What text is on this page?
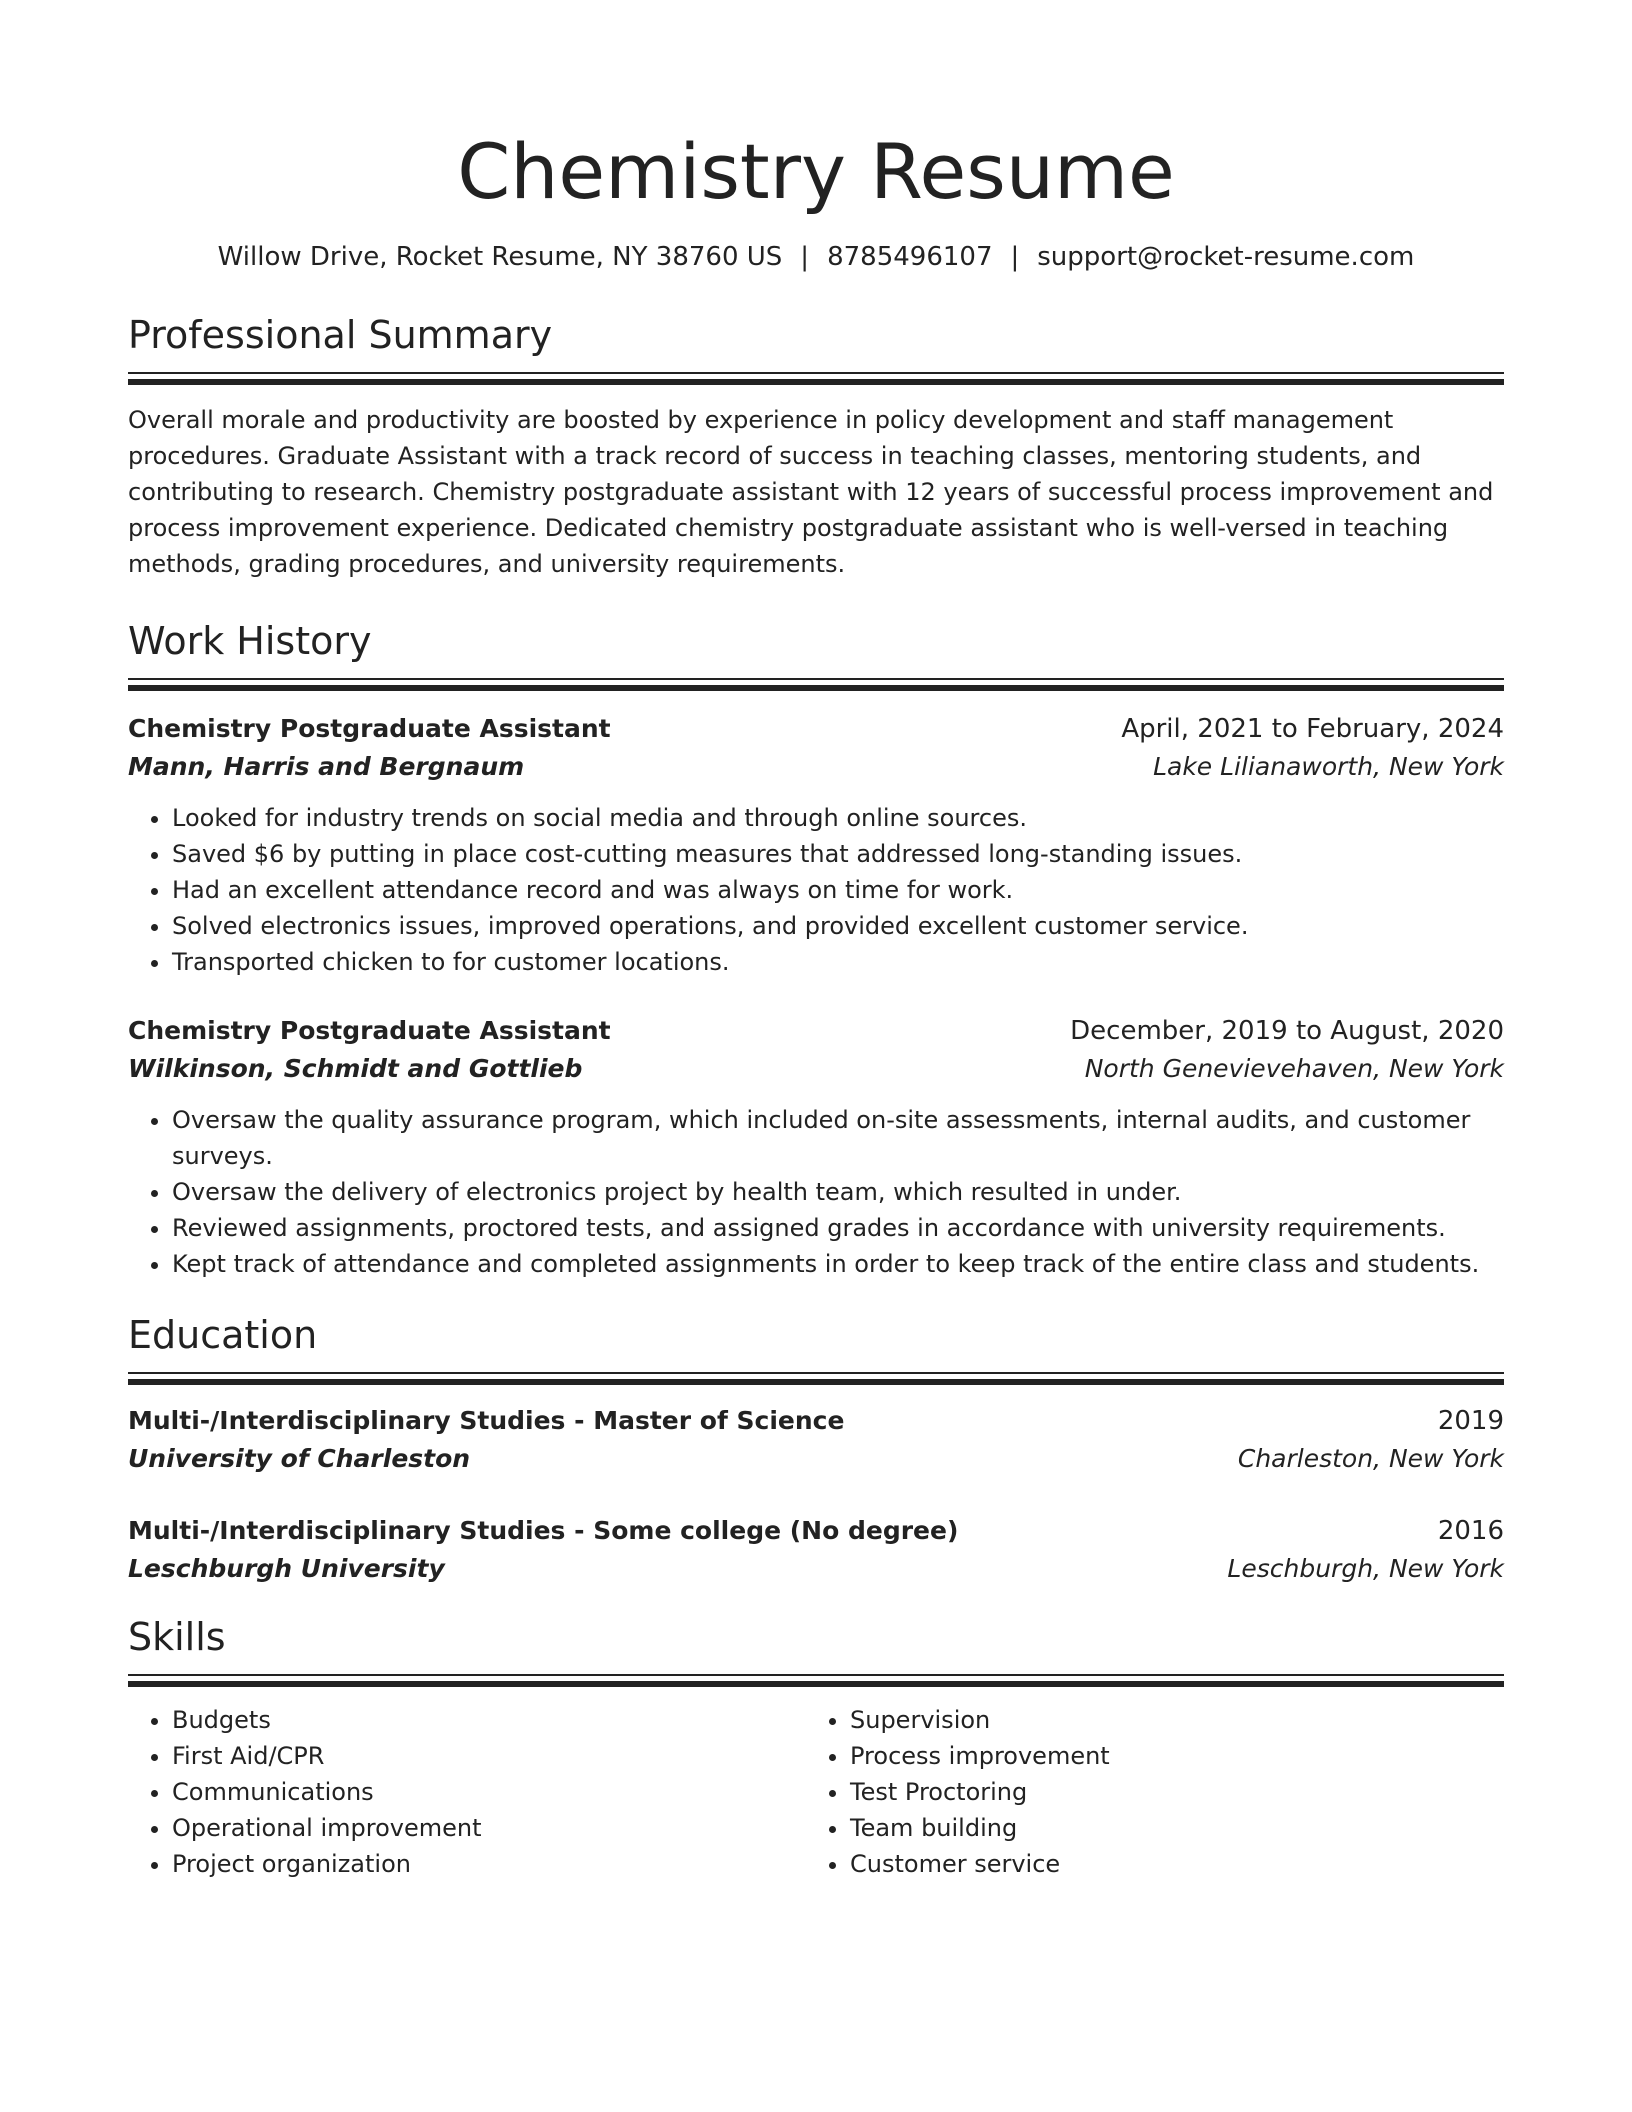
Chemistry Resume
Willow Drive, Rocket Resume, NY 38760 US | 8785496107 | support@rocket-resume.com
Professional Summary
Overall morale and productivity are boosted by experience in policy development and staff management procedures. Graduate Assistant with a track record of success in teaching classes, mentoring students, and contributing to research. Chemistry postgraduate assistant with 12 years of successful process improvement and process improvement experience. Dedicated chemistry postgraduate assistant who is well-versed in teaching methods, grading procedures, and university requirements.
Work History
Chemistry Postgraduate Assistant	April, 2021 to February, 2024
Mann, Harris and Bergnaum	Lake Lilianaworth, New York
• Looked for industry trends on social media and through online sources.
• Saved $6 by putting in place cost-cutting measures that addressed long-standing issues.
• Had an excellent attendance record and was always on time for work.
• Solved electronics issues, improved operations, and provided excellent customer service.
• Transported chicken to for customer locations.
Chemistry Postgraduate Assistant	December, 2019 to August, 2020
Wilkinson, Schmidt and Gottlieb	North Genevievehaven, New York
• Oversaw the quality assurance program, which included on-site assessments, internal audits, and customer surveys.
• Oversaw the delivery of electronics project by health team, which resulted in under.
• Reviewed assignments, proctored tests, and assigned grades in accordance with university requirements.
• Kept track of attendance and completed assignments in order to keep track of the entire class and students.
Education
Multi-/Interdisciplinary Studies - Master of Science	2019
University of Charleston	Charleston, New York
Multi-/Interdisciplinary Studies - Some college (No degree)	2016
Leschburgh University	Leschburgh, New York
Skills
• Budgets
• First Aid/CPR
• Communications
• Operational improvement
• Project organization
• Supervision
• Process improvement
• Test Proctoring
• Team building
• Customer service
